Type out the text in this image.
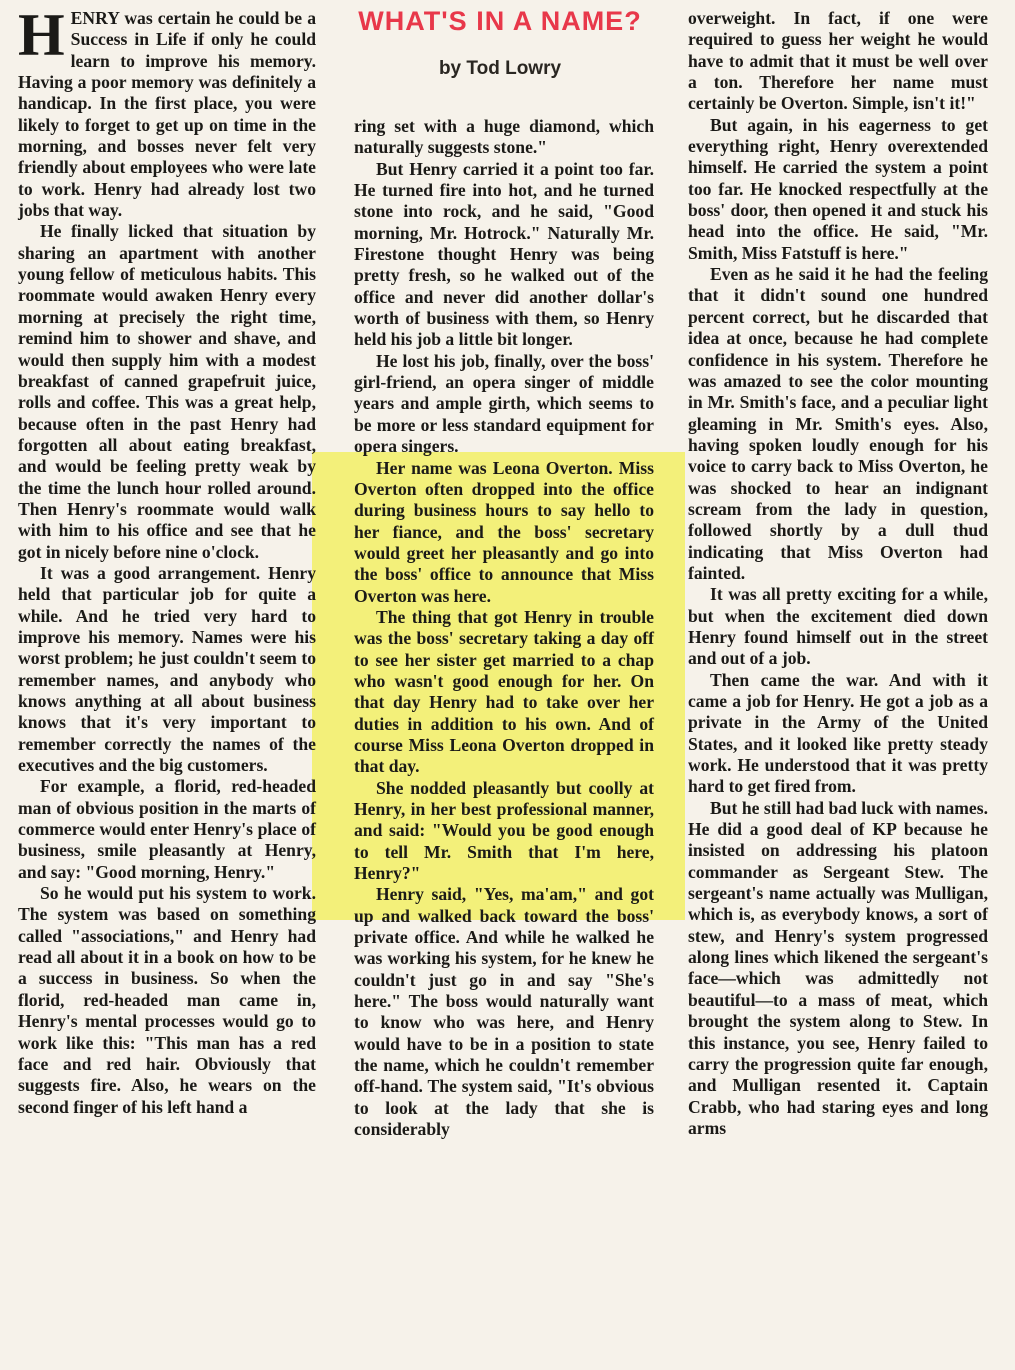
WHAT'S IN A NAME?
by Tod Lowry

HENRY was certain he could be a Success in Life if only he could learn to improve his memory. Having a poor memory was definitely a handicap. In the first place, you were likely to forget to get up on time in the morning, and bosses never felt very friendly about employees who were late to work. Henry had already lost two jobs that way.

He finally licked that situation by sharing an apartment with another young fellow of meticulous habits. This roommate would awaken Henry every morning at precisely the right time, remind him to shower and shave, and would then supply him with a modest breakfast of canned grapefruit juice, rolls and coffee. This was a great help, because often in the past Henry had forgotten all about eating breakfast, and would be feeling pretty weak by the time the lunch hour rolled around. Then Henry's roommate would walk with him to his office and see that he got in nicely before nine o'clock.

It was a good arrangement. Henry held that particular job for quite a while. And he tried very hard to improve his memory. Names were his worst problem; he just couldn't seem to remember names, and anybody who knows anything at all about business knows that it's very important to remember correctly the names of the executives and the big customers.

For example, a florid, red-headed man of obvious position in the marts of commerce would enter Henry's place of business, smile pleasantly at Henry, and say: "Good morning, Henry."

So he would put his system to work. The system was based on something called "associations," and Henry had read all about it in a book on how to be a success in business. So when the florid, red-headed man came in, Henry's mental processes would go to work like this: "This man has a red face and red hair. Obviously that suggests fire. Also, he wears on the second finger of his left hand a

ring set with a huge diamond, which naturally suggests stone."

But Henry carried it a point too far. He turned fire into hot, and he turned stone into rock, and he said, "Good morning, Mr. Hotrock." Naturally Mr. Firestone thought Henry was being pretty fresh, so he walked out of the office and never did another dollar's worth of business with them, so Henry held his job a little bit longer.

He lost his job, finally, over the boss' girl-friend, an opera singer of middle years and ample girth, which seems to be more or less standard equipment for opera singers.

Her name was Leona Overton. Miss Overton often dropped into the office during business hours to say hello to her fiance, and the boss' secretary would greet her pleasantly and go into the boss' office to announce that Miss Overton was here.

The thing that got Henry in trouble was the boss' secretary taking a day off to see her sister get married to a chap who wasn't good enough for her. On that day Henry had to take over her duties in addition to his own. And of course Miss Leona Overton dropped in that day.

She nodded pleasantly but coolly at Henry, in her best professional manner, and said: "Would you be good enough to tell Mr. Smith that I'm here, Henry?"

Henry said, "Yes, ma'am," and got up and walked back toward the boss' private office. And while he walked he was working his system, for he knew he couldn't just go in and say "She's here." The boss would naturally want to know who was here, and Henry would have to be in a position to state the name, which he couldn't remember off-hand. The system said, "It's obvious to look at the lady that she is considerably

overweight. In fact, if one were required to guess her weight he would have to admit that it must be well over a ton. Therefore her name must certainly be Overton. Simple, isn't it!"

But again, in his eagerness to get everything right, Henry overextended himself. He carried the system a point too far. He knocked respectfully at the boss' door, then opened it and stuck his head into the office. He said, "Mr. Smith, Miss Fatstuff is here."

Even as he said it he had the feeling that it didn't sound one hundred percent correct, but he discarded that idea at once, because he had complete confidence in his system. Therefore he was amazed to see the color mounting in Mr. Smith's face, and a peculiar light gleaming in Mr. Smith's eyes. Also, having spoken loudly enough for his voice to carry back to Miss Overton, he was shocked to hear an indignant scream from the lady in question, followed shortly by a dull thud indicating that Miss Overton had fainted.

It was all pretty exciting for a while, but when the excitement died down Henry found himself out in the street and out of a job.

Then came the war. And with it came a job for Henry. He got a job as a private in the Army of the United States, and it looked like pretty steady work. He understood that it was pretty hard to get fired from.

But he still had bad luck with names. He did a good deal of KP because he insisted on addressing his platoon commander as Sergeant Stew. The sergeant's name actually was Mulligan, which is, as everybody knows, a sort of stew, and Henry's system progressed along lines which likened the sergeant's face—which was admittedly not beautiful—to a mass of meat, which brought the system along to Stew. In this instance, you see, Henry failed to carry the progression quite far enough, and Mulligan resented it. Captain Crabb, who had staring eyes and long arms
